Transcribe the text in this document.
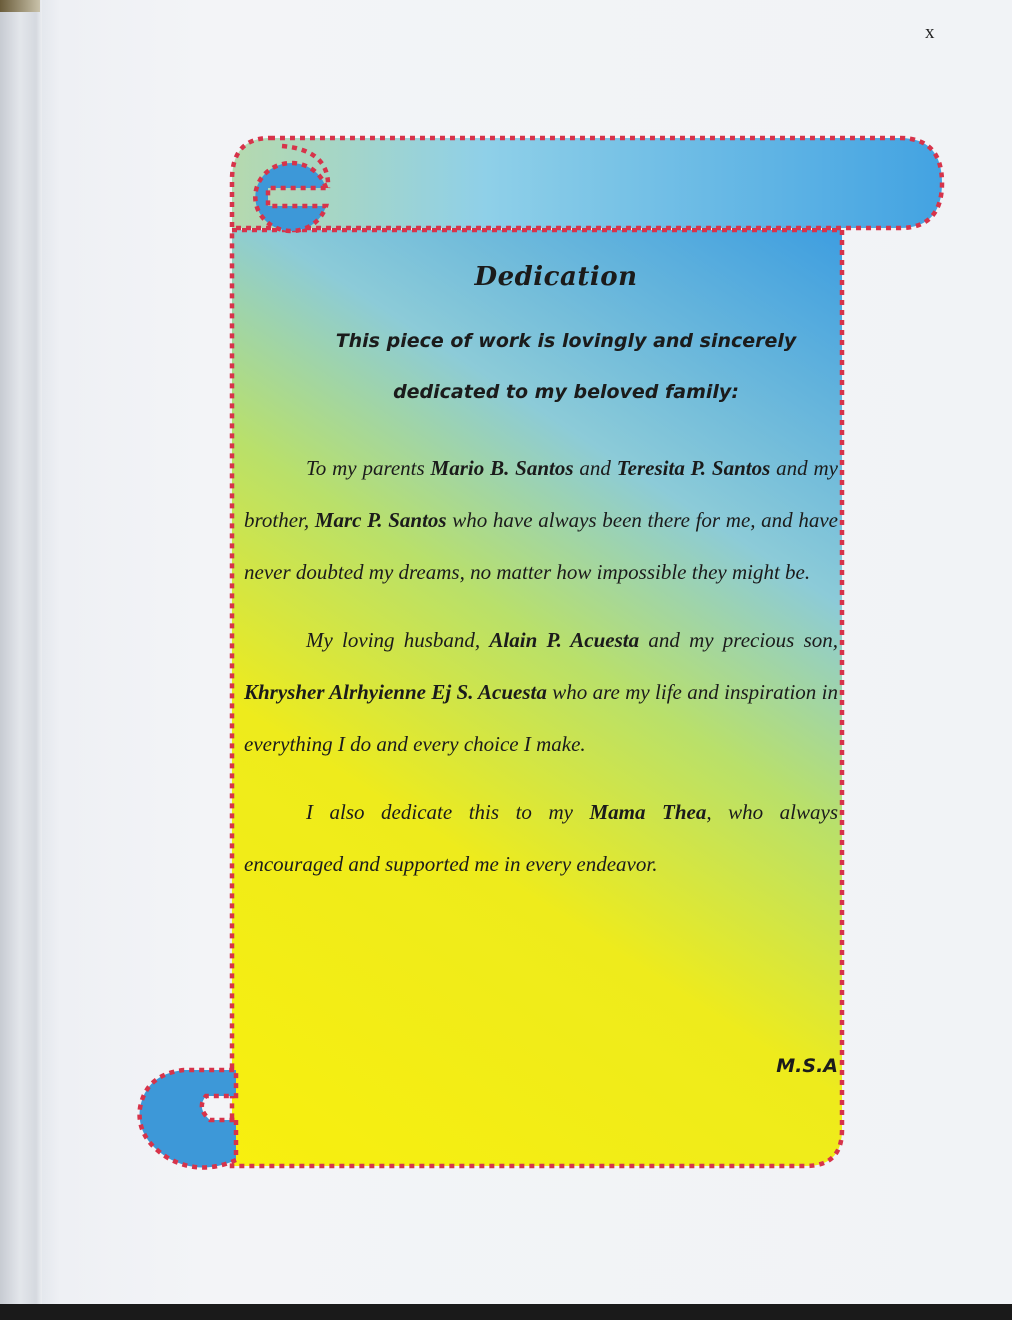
x
Dedication
This piece of work is lovingly and sincerely
dedicated to my beloved family:

To my parents Mario B. Santos and Teresita P. Santos and my brother, Marc P. Santos who have always been there for me, and have never doubted my dreams, no matter how impossible they might be.

My loving husband, Alain P. Acuesta and my precious son, Khrysher Alrhyienne Ej S. Acuesta who are my life and inspiration in everything I do and every choice I make.

I also dedicate this to my Mama Thea, who always encouraged and supported me in every endeavor.

M.S.A
